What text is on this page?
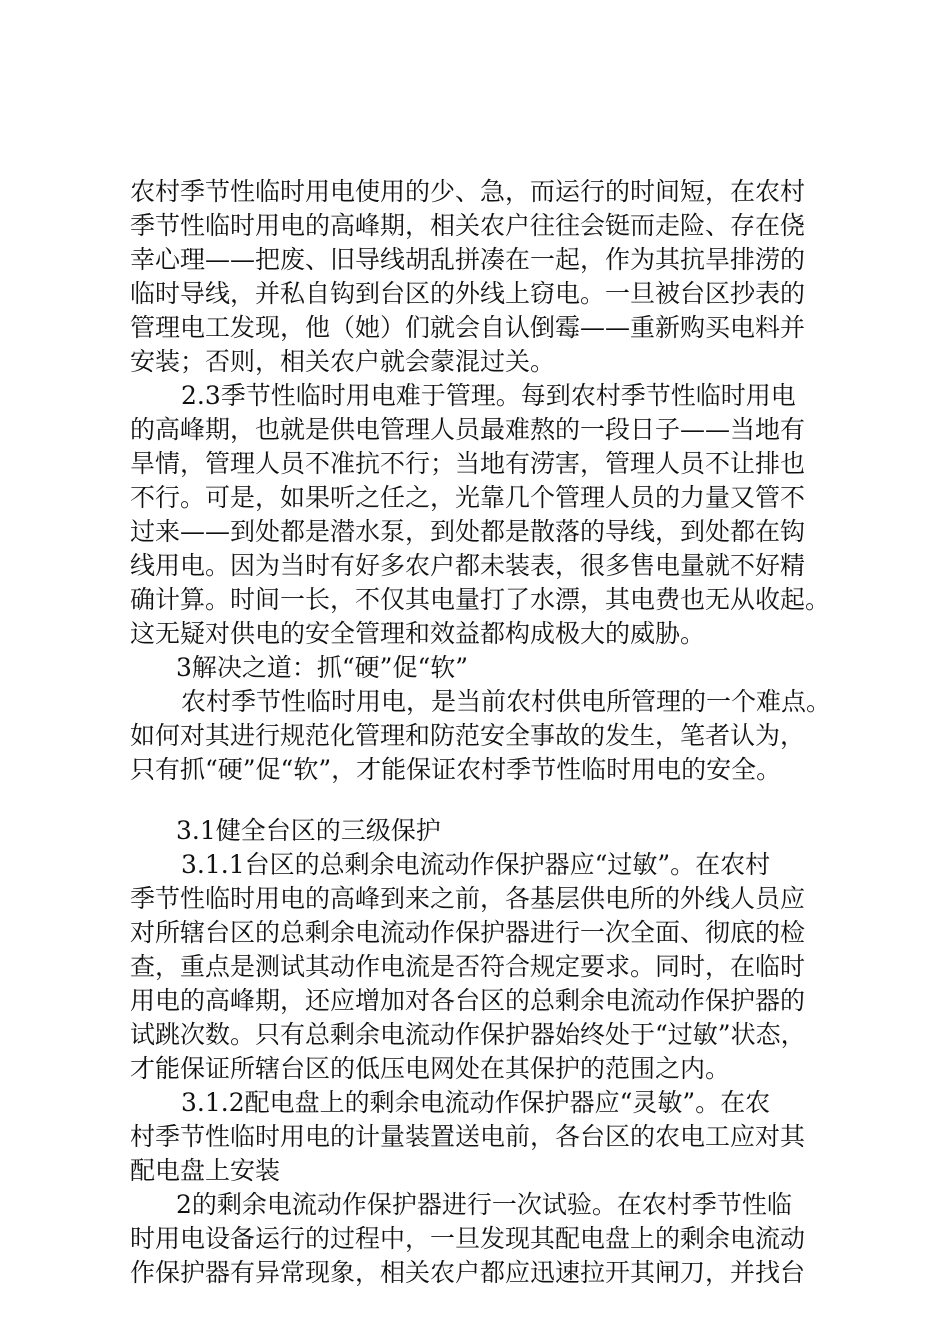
农村季节性临时用电使用的少、急，而运行的时间短，在农村
季节性临时用电的高峰期，相关农户往往会铤而走险、存在侥
幸心理——把废、旧导线胡乱拼凑在一起，作为其抗旱排涝的
临时导线，并私自钩到台区的外线上窃电。一旦被台区抄表的
管理电工发现，他（她）们就会自认倒霉——重新购买电料并
安装；否则，相关农户就会蒙混过关。
2.3季节性临时用电难于管理。每到农村季节性临时用电
的高峰期，也就是供电管理人员最难熬的一段日子——当地有
旱情，管理人员不准抗不行；当地有涝害，管理人员不让排也
不行。可是，如果听之任之，光靠几个管理人员的力量又管不
过来——到处都是潜水泵，到处都是散落的导线，到处都在钩
线用电。因为当时有好多农户都未装表，很多售电量就不好精
确计算。时间一长，不仅其电量打了水漂，其电费也无从收起。
这无疑对供电的安全管理和效益都构成极大的威胁。
3解决之道：抓“硬”促“软”
农村季节性临时用电，是当前农村供电所管理的一个难点。
如何对其进行规范化管理和防范安全事故的发生，笔者认为，
只有抓“硬”促“软”，才能保证农村季节性临时用电的安全。
3.1健全台区的三级保护
3.1.1台区的总剩余电流动作保护器应“过敏”。在农村
季节性临时用电的高峰到来之前，各基层供电所的外线人员应
对所辖台区的总剩余电流动作保护器进行一次全面、彻底的检
查，重点是测试其动作电流是否符合规定要求。同时，在临时
用电的高峰期，还应增加对各台区的总剩余电流动作保护器的
试跳次数。只有总剩余电流动作保护器始终处于“过敏”状态，
才能保证所辖台区的低压电网处在其保护的范围之内。
3.1.2配电盘上的剩余电流动作保护器应“灵敏”。在农
村季节性临时用电的计量装置送电前，各台区的农电工应对其
配电盘上安装
2的剩余电流动作保护器进行一次试验。在农村季节性临
时用电设备运行的过程中，一旦发现其配电盘上的剩余电流动
作保护器有异常现象，相关农户都应迅速拉开其闸刀，并找台
